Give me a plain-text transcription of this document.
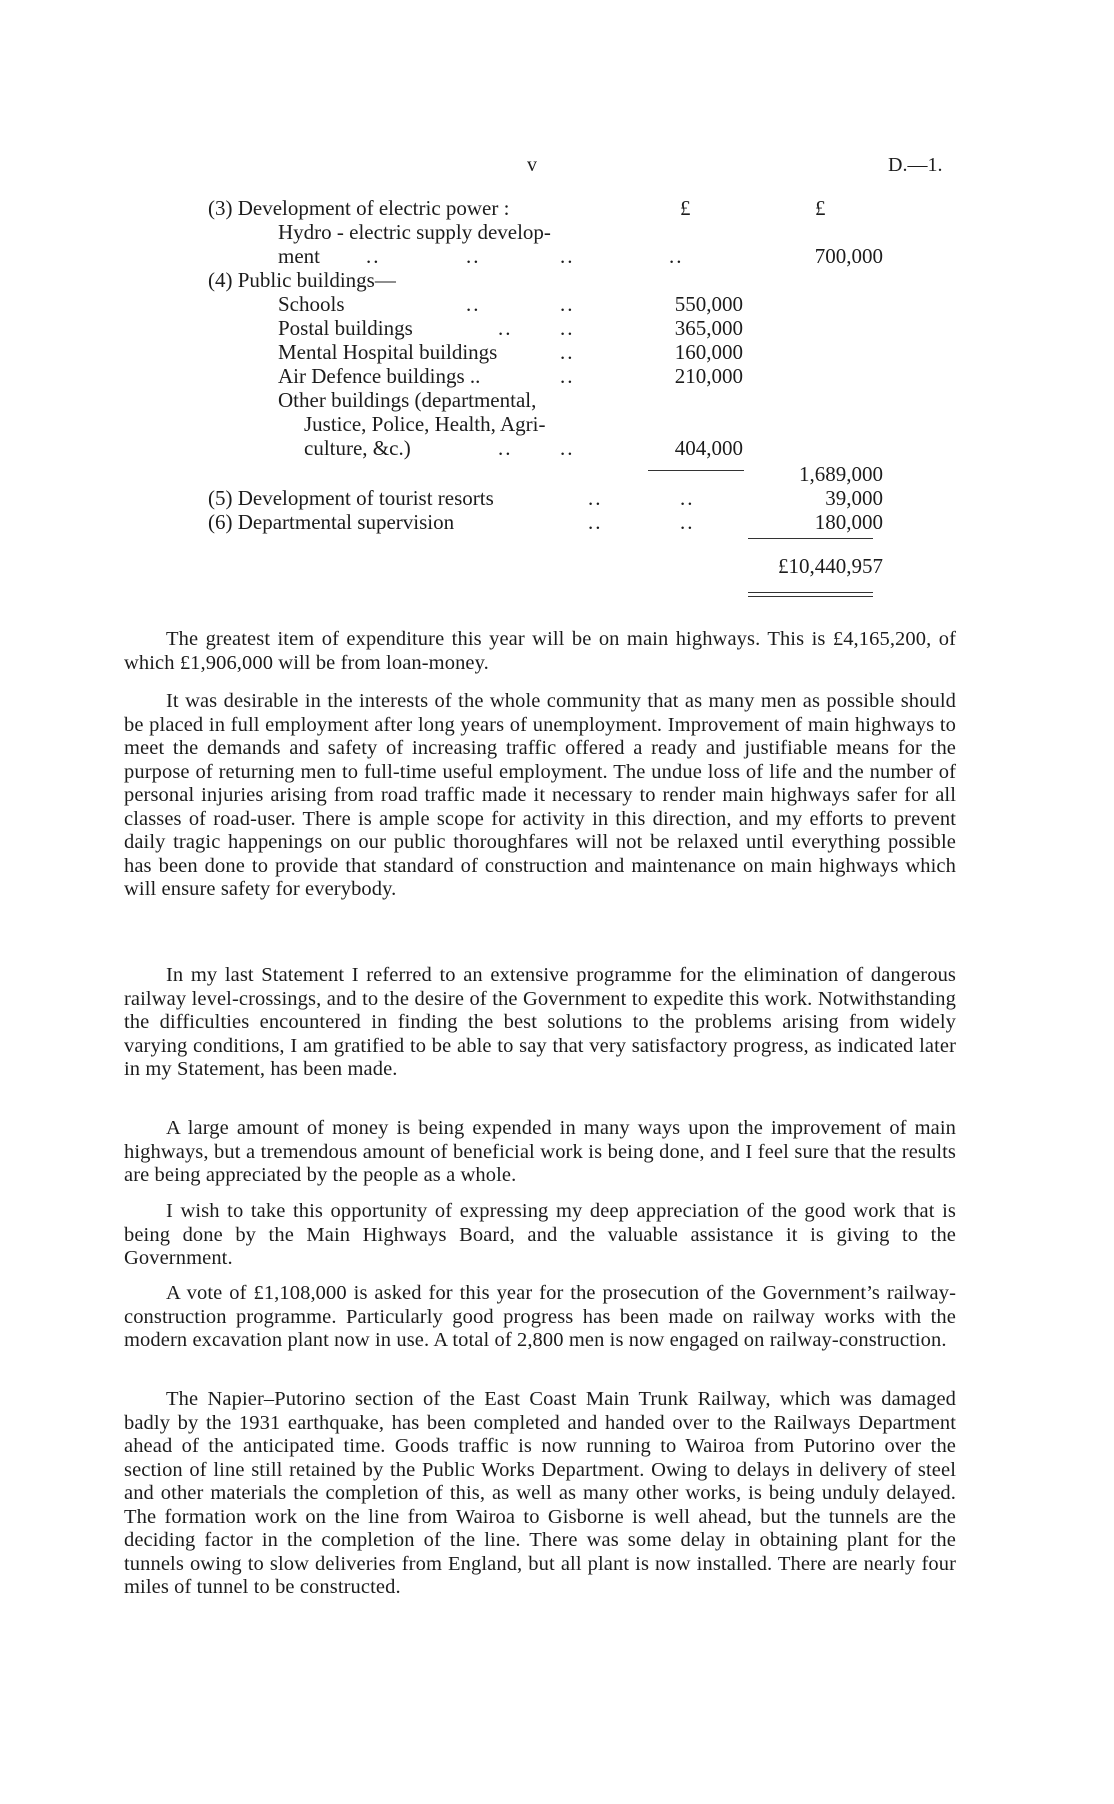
v	D.—1.
£	£
(3) Development of electric power :
Hydro - electric supply develop-
ment ..	..	..	..	700,000
(4) Public buildings—
Schools	..	..	550,000
Postal buildings	.. ..	365,000
Mental Hospital buildings	..	160,000
Air Defence buildings ..	..	210,000
Other buildings (departmental,
Justice, Police, Health, Agri-
culture, &c.)	.. ..	404,000
1,689,000
(5) Development of tourist resorts	..	..	39,000
(6) Departmental supervision	..	..	180,000
£10,440,957

The greatest item of expenditure this year will be on main highways. This is £4,165,200, of which £1,906,000 will be from loan-money.

It was desirable in the interests of the whole community that as many men as possible should be placed in full employment after long years of unemployment. Improvement of main highways to meet the demands and safety of increasing traffic offered a ready and justifiable means for the purpose of returning men to full-time useful employment. The undue loss of life and the number of personal injuries arising from road traffic made it necessary to render main highways safer for all classes of road-user. There is ample scope for activity in this direction, and my efforts to prevent daily tragic happenings on our public thoroughfares will not be relaxed until everything possible has been done to provide that standard of construction and maintenance on main highways which will ensure safety for everybody.

In my last Statement I referred to an extensive programme for the elimination of dangerous railway level-crossings, and to the desire of the Government to expedite this work. Notwithstanding the difficulties encountered in finding the best solutions to the problems arising from widely varying conditions, I am gratified to be able to say that very satisfactory progress, as indicated later in my Statement, has been made.

A large amount of money is being expended in many ways upon the improvement of main highways, but a tremendous amount of beneficial work is being done, and I feel sure that the results are being appreciated by the people as a whole.

I wish to take this opportunity of expressing my deep appreciation of the good work that is being done by the Main Highways Board, and the valuable assistance it is giving to the Government.

A vote of £1,108,000 is asked for this year for the prosecution of the Government’s railway-construction programme. Particularly good progress has been made on railway works with the modern excavation plant now in use. A total of 2,800 men is now engaged on railway-construction.

The Napier–Putorino section of the East Coast Main Trunk Railway, which was damaged badly by the 1931 earthquake, has been completed and handed over to the Railways Department ahead of the anticipated time. Goods traffic is now running to Wairoa from Putorino over the section of line still retained by the Public Works Department. Owing to delays in delivery of steel and other materials the completion of this, as well as many other works, is being unduly delayed. The formation work on the line from Wairoa to Gisborne is well ahead, but the tunnels are the deciding factor in the completion of the line. There was some delay in obtaining plant for the tunnels owing to slow deliveries from England, but all plant is now installed. There are nearly four miles of tunnel to be constructed.
